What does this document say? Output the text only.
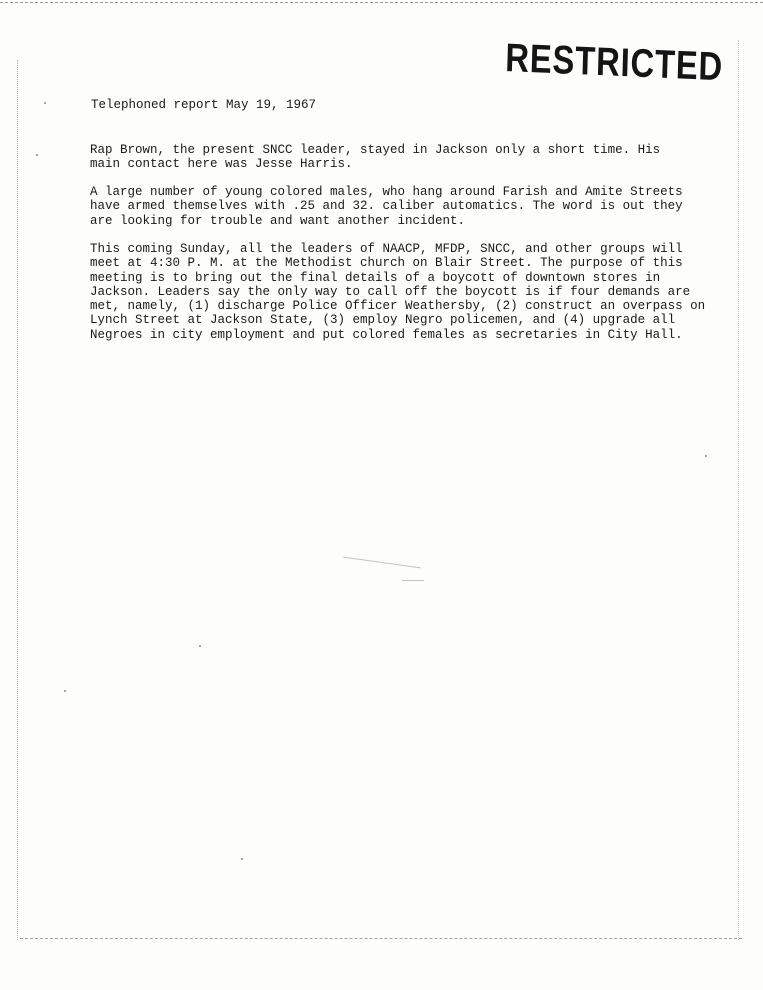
RESTRICTED
Telephoned report May 19, 1967
Rap Brown, the present SNCC leader, stayed in Jackson only a short time. His
main contact here was Jesse Harris.
A large number of young colored males, who hang around Farish and Amite Streets
have armed themselves with .25 and 32. caliber automatics. The word is out they
are looking for trouble and want another incident.
This coming Sunday, all the leaders of NAACP, MFDP, SNCC, and other groups will
meet at 4:30 P. M. at the Methodist church on Blair Street. The purpose of this
meeting is to bring out the final details of a boycott of downtown stores in
Jackson. Leaders say the only way to call off the boycott is if four demands are
met, namely, (1) discharge Police Officer Weathersby, (2) construct an overpass on
Lynch Street at Jackson State, (3) employ Negro policemen, and (4) upgrade all
Negroes in city employment and put colored females as secretaries in City Hall.
